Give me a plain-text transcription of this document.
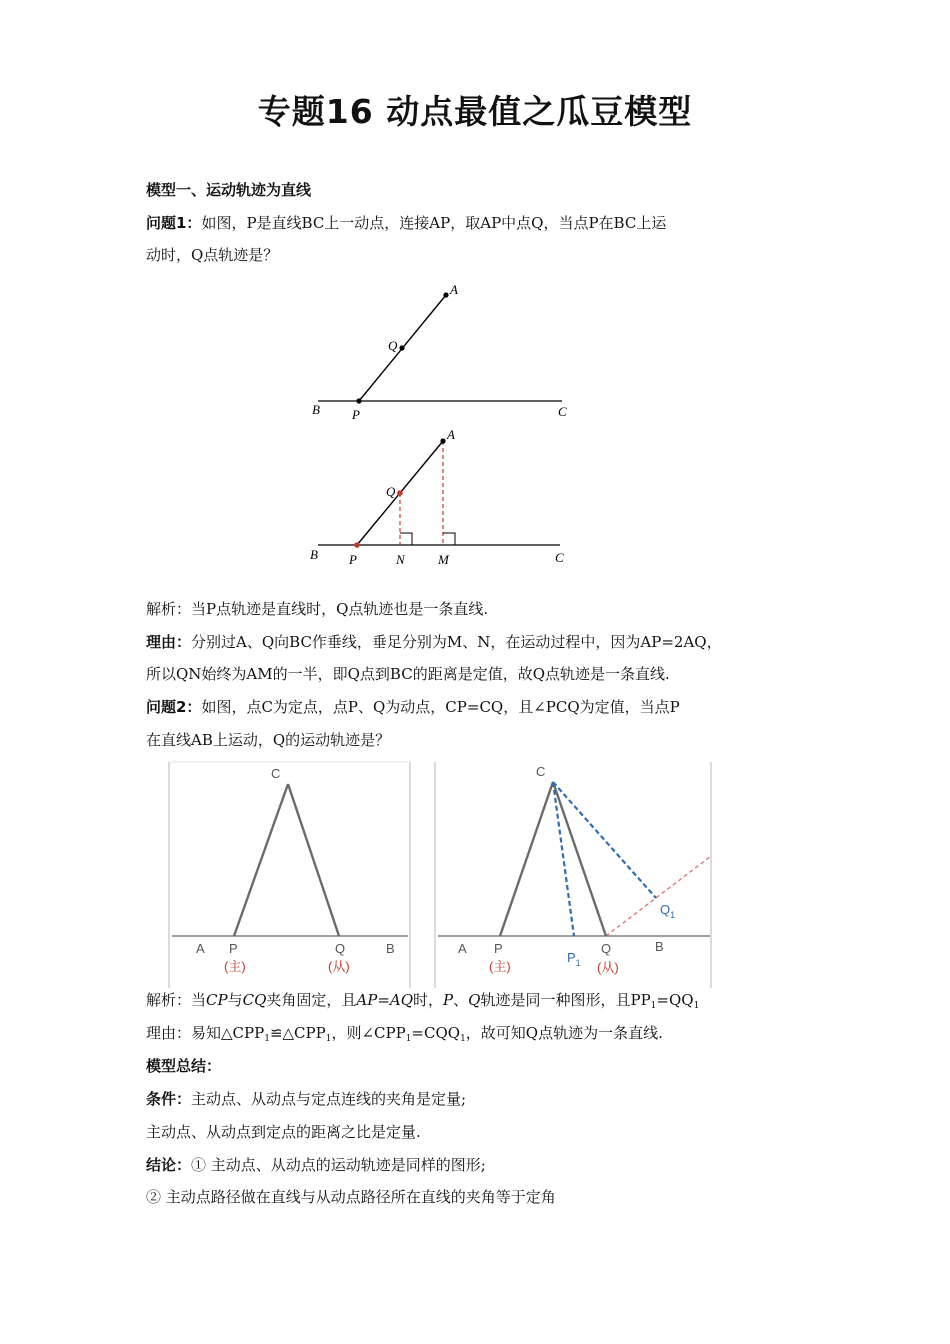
专题16 动点最值之瓜豆模型
模型一、运动轨迹为直线
问题1：如图，P是直线BC上一动点，连接AP，取AP中点Q，当点P在BC上运
动时，Q点轨迹是？
A
Q
B P	C
A
Q
B P	N	M	C
解析：当P点轨迹是直线时，Q点轨迹也是一条直线.
理由：分别过A、Q向BC作垂线，垂足分别为M、N，在运动过程中，因为AP=2AQ，
所以QN始终为AM的一半，即Q点到BC的距离是定值，故Q点轨迹是一条直线.
问题2：如图，点C为定点，点P、Q为动点，CP=CQ，且∠PCQ为定值，当点P
在直线AB上运动，Q的运动轨迹是？
C
A P	Q	B
(主)	(从)
C
A P	Q	B
$P_1$
$Q_1$
(主)	(从)
解析：当CP与CQ夹角固定，且AP=AQ时，P、Q轨迹是同一种图形，且$PP_1=QQ_1$
理由：易知$\triangle CPP_1≌\triangle CPP_1$，则$\angle CPP_1=CQQ_1$，故可知Q点轨迹为一条直线.
模型总结：
条件：主动点、从动点与定点连线的夹角是定量;
主动点、从动点到定点的距离之比是定量.
结论：① 主动点、从动点的运动轨迹是同样的图形;
② 主动点路径做在直线与从动点路径所在直线的夹角等于定角
